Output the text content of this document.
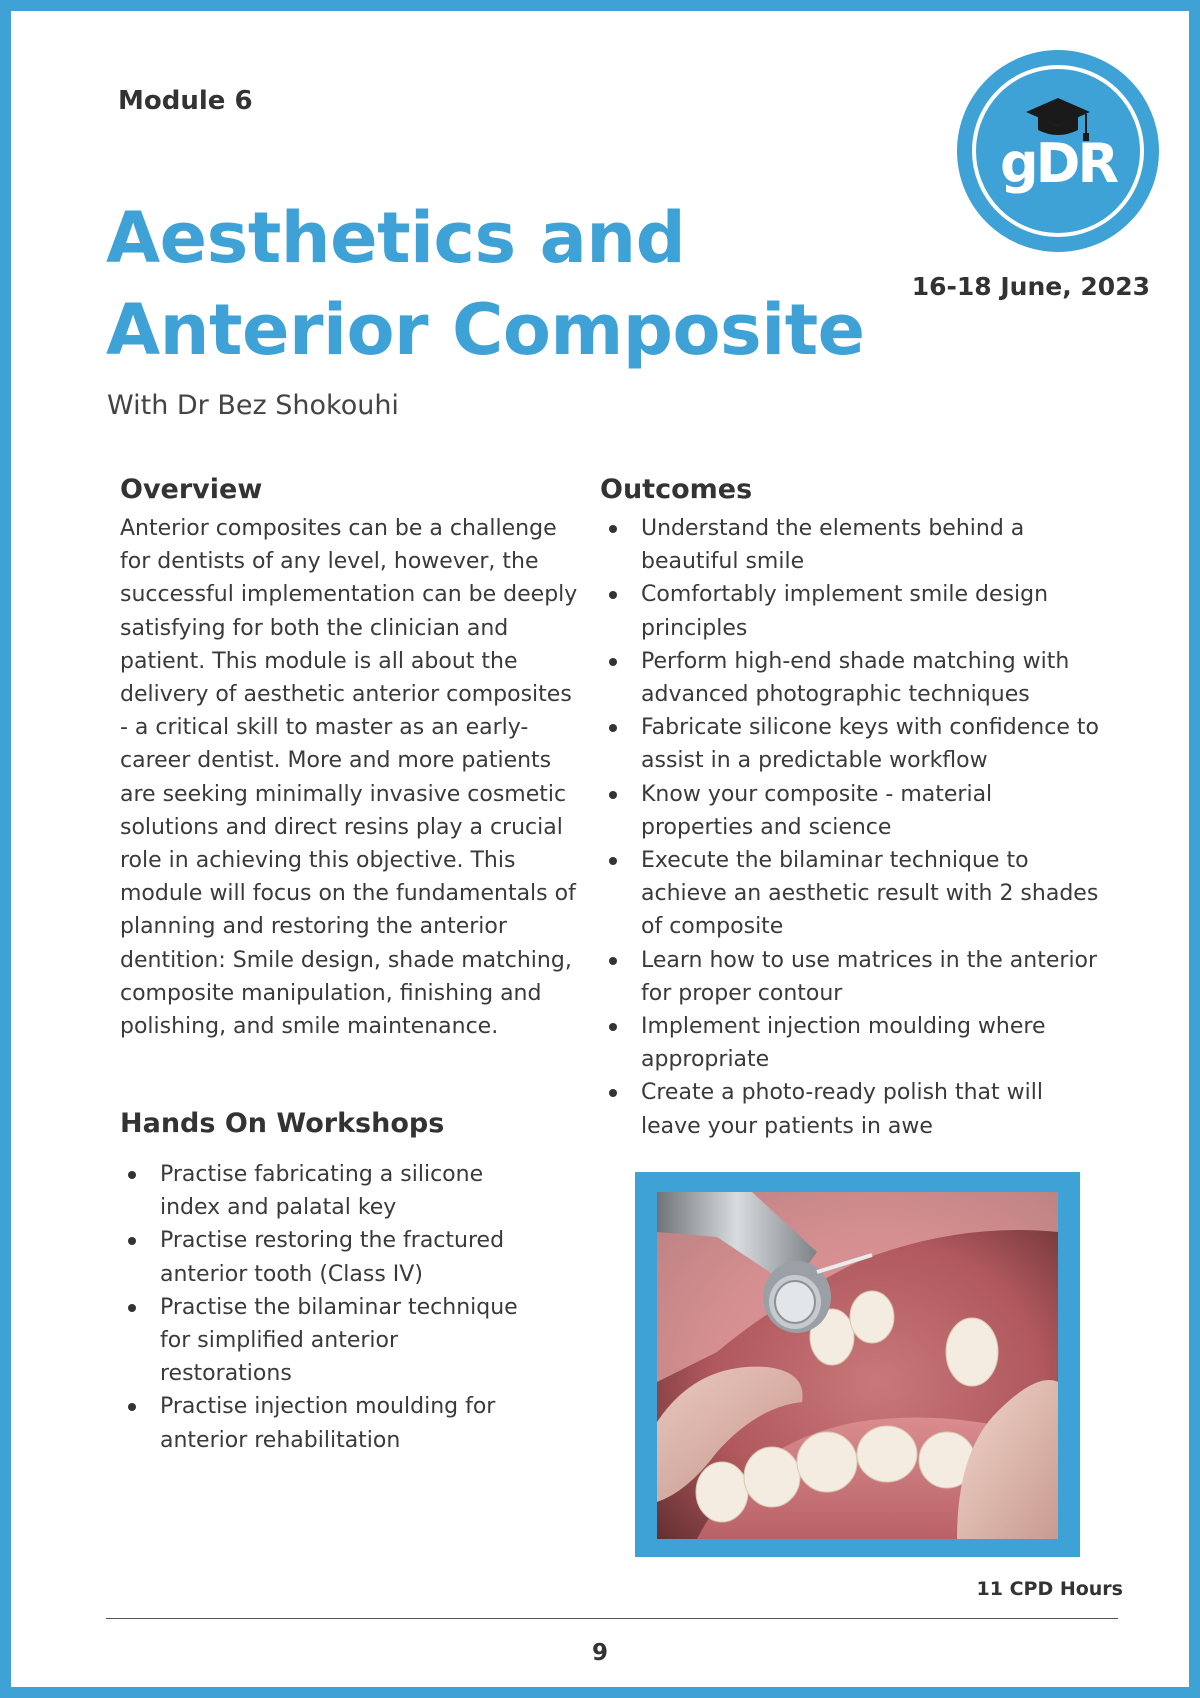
Module 6
Aesthetics and
Anterior Composite
With Dr Bez Shokouhi
gDR
16-18 June, 2023
Overview
Anterior composites can be a challenge for dentists of any level, however, the successful implementation can be deeply satisfying for both the clinician and patient. This module is all about the delivery of aesthetic anterior composites - a critical skill to master as an early-career dentist. More and more patients are seeking minimally invasive cosmetic solutions and direct resins play a crucial role in achieving this objective. This module will focus on the fundamentals of planning and restoring the anterior dentition: Smile design, shade matching, composite manipulation, finishing and polishing, and smile maintenance.
Hands On Workshops
Practise fabricating a silicone index and palatal key
Practise restoring the fractured anterior tooth (Class IV)
Practise the bilaminar technique for simplified anterior restorations
Practise injection moulding for anterior rehabilitation
Outcomes
Understand the elements behind a beautiful smile
Comfortably implement smile design principles
Perform high-end shade matching with advanced photographic techniques
Fabricate silicone keys with confidence to assist in a predictable workflow
Know your composite - material properties and science
Execute the bilaminar technique to achieve an aesthetic result with 2 shades of composite
Learn how to use matrices in the anterior for proper contour
Implement injection moulding where appropriate
Create a photo-ready polish that will leave your patients in awe
11 CPD Hours
9
